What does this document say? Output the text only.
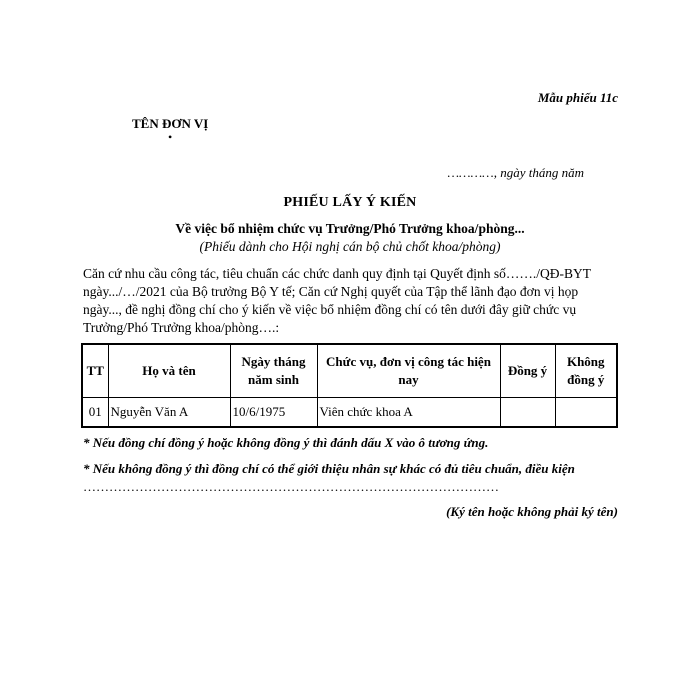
Mẫu phiếu 11c
TÊN ĐƠN VỊ
•
…………, ngày tháng năm
PHIẾU LẤY Ý KIẾN
Về việc bổ nhiệm chức vụ Trưởng/Phó Trưởng khoa/phòng...
(Phiếu dành cho Hội nghị cán bộ chủ chốt khoa/phòng)
Căn cứ nhu cầu công tác, tiêu chuẩn các chức danh quy định tại Quyết định số……./QĐ-BYT
ngày.../…/2021 của Bộ trưởng Bộ Y tế; Căn cứ Nghị quyết của Tập thể lãnh đạo đơn vị họp
ngày..., đề nghị đồng chí cho ý kiến về việc bổ nhiệm đồng chí có tên dưới đây giữ chức vụ
Trưởng/Phó Trưởng khoa/phòng….:
TT	Họ và tên	Ngày tháng năm sinh	Chức vụ, đơn vị công tác hiện nay	Đồng ý	Không đồng ý
01	Nguyễn Văn A	10/6/1975	Viên chức khoa A		
* Nếu đồng chí đồng ý hoặc không đồng ý thì đánh dấu X vào ô tương ứng.
* Nếu không đồng ý thì đồng chí có thể giới thiệu nhân sự khác có đủ tiêu chuẩn, điều kiện
……………………………………………………………………………………
(Ký tên hoặc không phải ký tên)
